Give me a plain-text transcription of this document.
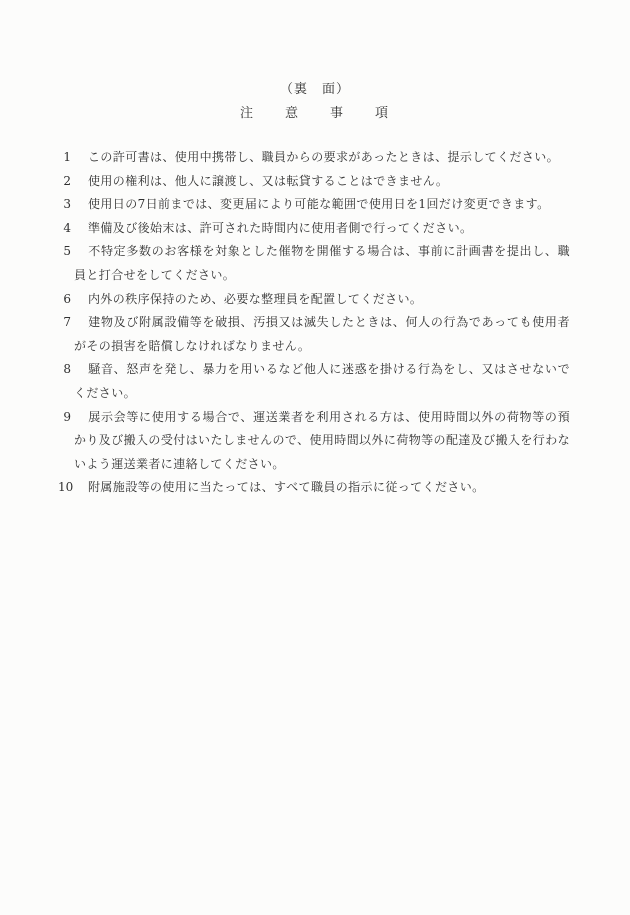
（裏　面）
注　　意　　事　　項
1 この許可書は、使用中携帯し、職員からの要求があったときは、提示してください。
2 使用の権利は、他人に譲渡し、又は転貸することはできません。
3 使用日の7日前までは、変更届により可能な範囲で使用日を1回だけ変更できます。
4 準備及び後始末は、許可された時間内に使用者側で行ってください。
5 不特定多数のお客様を対象とした催物を開催する場合は、事前に計画書を提出し、職員と打合せをしてください。
6 内外の秩序保持のため、必要な整理員を配置してください。
7 建物及び附属設備等を破損、汚損又は滅失したときは、何人の行為であっても使用者がその損害を賠償しなければなりません。
8 騒音、怒声を発し、暴力を用いるなど他人に迷惑を掛ける行為をし、又はさせないでください。
9 展示会等に使用する場合で、運送業者を利用される方は、使用時間以外の荷物等の預かり及び搬入の受付はいたしませんので、使用時間以外に荷物等の配達及び搬入を行わないよう運送業者に連絡してください。
10 附属施設等の使用に当たっては、すべて職員の指示に従ってください。
